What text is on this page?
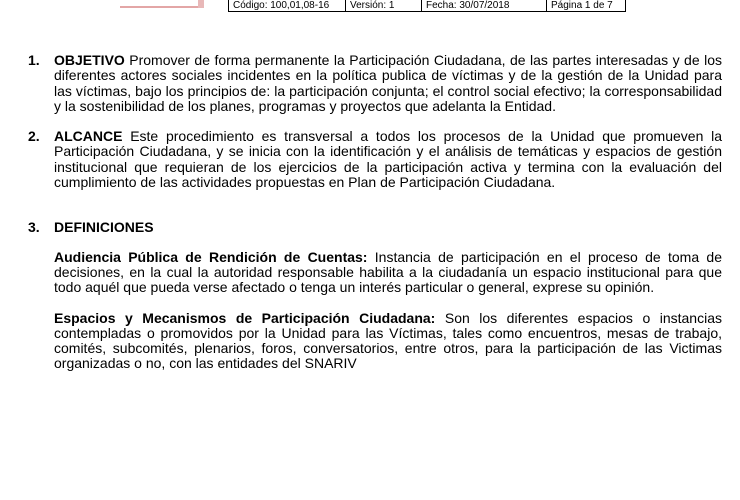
Código: 100,01,08-16	Versión: 1	Fecha: 30/07/2018	Página 1 de 7
1.	OBJETIVO Promover de forma permanente la Participación Ciudadana, de las partes interesadas y de los diferentes actores sociales incidentes en la política publica de víctimas y de la gestión de la Unidad para las víctimas, bajo los principios de: la participación conjunta; el control social efectivo; la corresponsabilidad y la sostenibilidad de los planes, programas y proyectos que adelanta la Entidad.
2.	ALCANCE Este procedimiento es transversal a todos los procesos de la Unidad que promueven la Participación Ciudadana, y se inicia con la identificación y el análisis de temáticas y espacios de gestión institucional que requieran de los ejercicios de la participación activa y termina con la evaluación del cumplimiento de las actividades propuestas en Plan de Participación Ciudadana.
3.	DEFINICIONES
Audiencia Pública de Rendición de Cuentas: Instancia de participación en el proceso de toma de decisiones, en la cual la autoridad responsable habilita a la ciudadanía un espacio institucional para que todo aquél que pueda verse afectado o tenga un interés particular o general, exprese su opinión.
Espacios y Mecanismos de Participación Ciudadana: Son los diferentes espacios o instancias contempladas o promovidos por la Unidad para las Víctimas, tales como encuentros, mesas de trabajo, comités, subcomités, plenarios, foros, conversatorios, entre otros, para la participación de las Victimas organizadas o no, con las entidades del SNARIV
